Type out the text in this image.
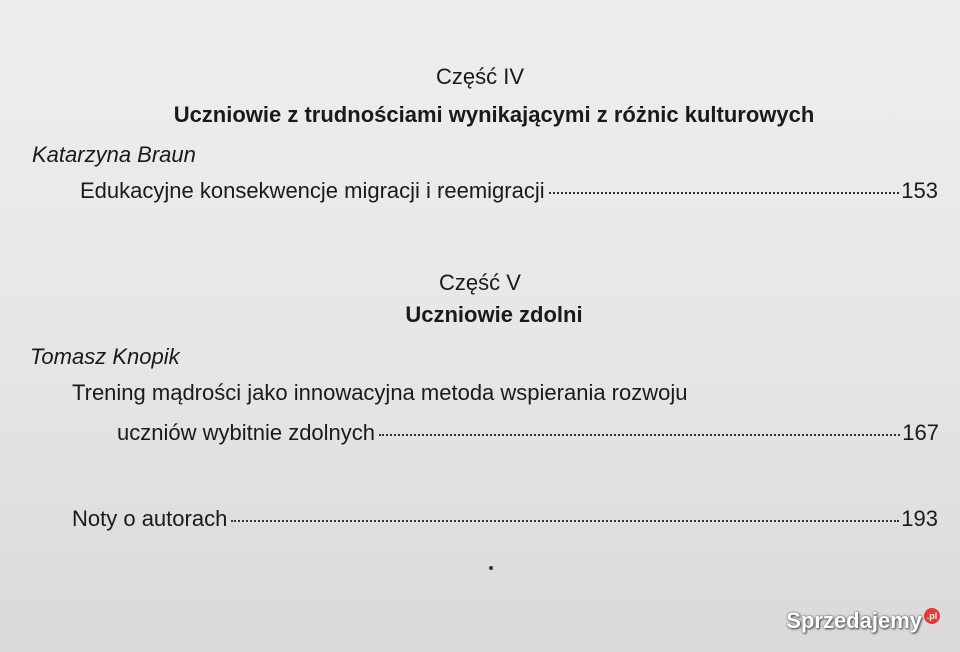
Część IV
Uczniowie z trudnościami wynikającymi z różnic kulturowych
Katarzyna Braun
Edukacyjne konsekwencje migracji i reemigracji	153
Część V
Uczniowie zdolni
Tomasz Knopik
Trening mądrości jako innowacyjna metoda wspierania rozwoju
uczniów wybitnie zdolnych	167
Noty o autorach	193
Sprzedajemy .pl
